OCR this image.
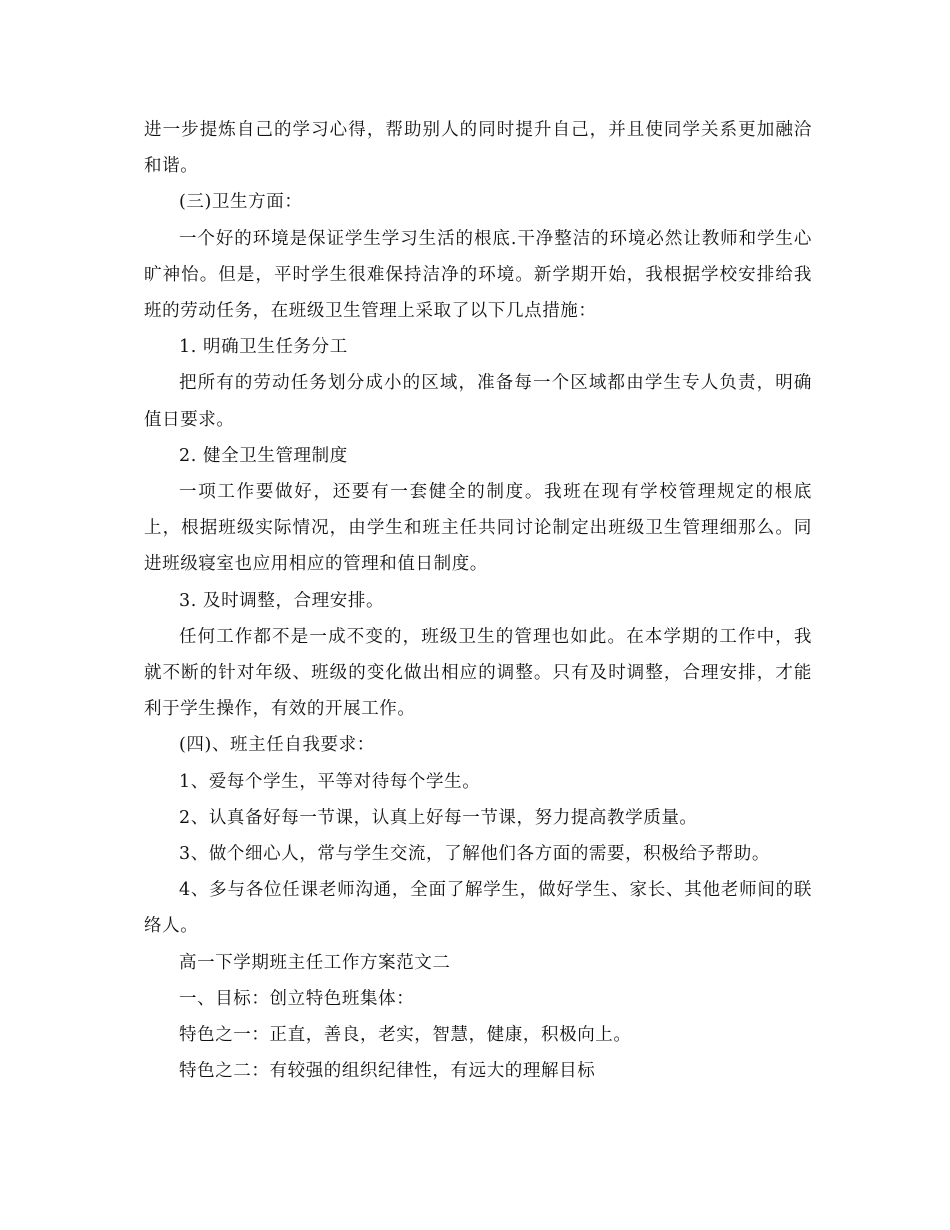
进一步提炼自己的学习心得，帮助别人的同时提升自己，并且使同学关系更加融洽和谐。

(三)卫生方面：

一个好的环境是保证学生学习生活的根底.干净整洁的环境必然让教师和学生心旷神怡。但是，平时学生很难保持洁净的环境。新学期开始，我根据学校安排给我班的劳动任务，在班级卫生管理上采取了以下几点措施：

1. 明确卫生任务分工

把所有的劳动任务划分成小的区域，准备每一个区域都由学生专人负责，明确值日要求。

2. 健全卫生管理制度

一项工作要做好，还要有一套健全的制度。我班在现有学校管理规定的根底上，根据班级实际情况，由学生和班主任共同讨论制定出班级卫生管理细那么。同进班级寝室也应用相应的管理和值日制度。

3. 及时调整，合理安排。

任何工作都不是一成不变的，班级卫生的管理也如此。在本学期的工作中，我就不断的针对年级、班级的变化做出相应的调整。只有及时调整，合理安排，才能利于学生操作，有效的开展工作。

(四)、班主任自我要求：

1、爱每个学生，平等对待每个学生。

2、认真备好每一节课，认真上好每一节课，努力提高教学质量。

3、做个细心人，常与学生交流，了解他们各方面的需要，积极给予帮助。

4、多与各位任课老师沟通，全面了解学生，做好学生、家长、其他老师间的联络人。

高一下学期班主任工作方案范文二

一、目标：创立特色班集体：

特色之一：正直，善良，老实，智慧，健康，积极向上。

特色之二：有较强的组织纪律性，有远大的理解目标
